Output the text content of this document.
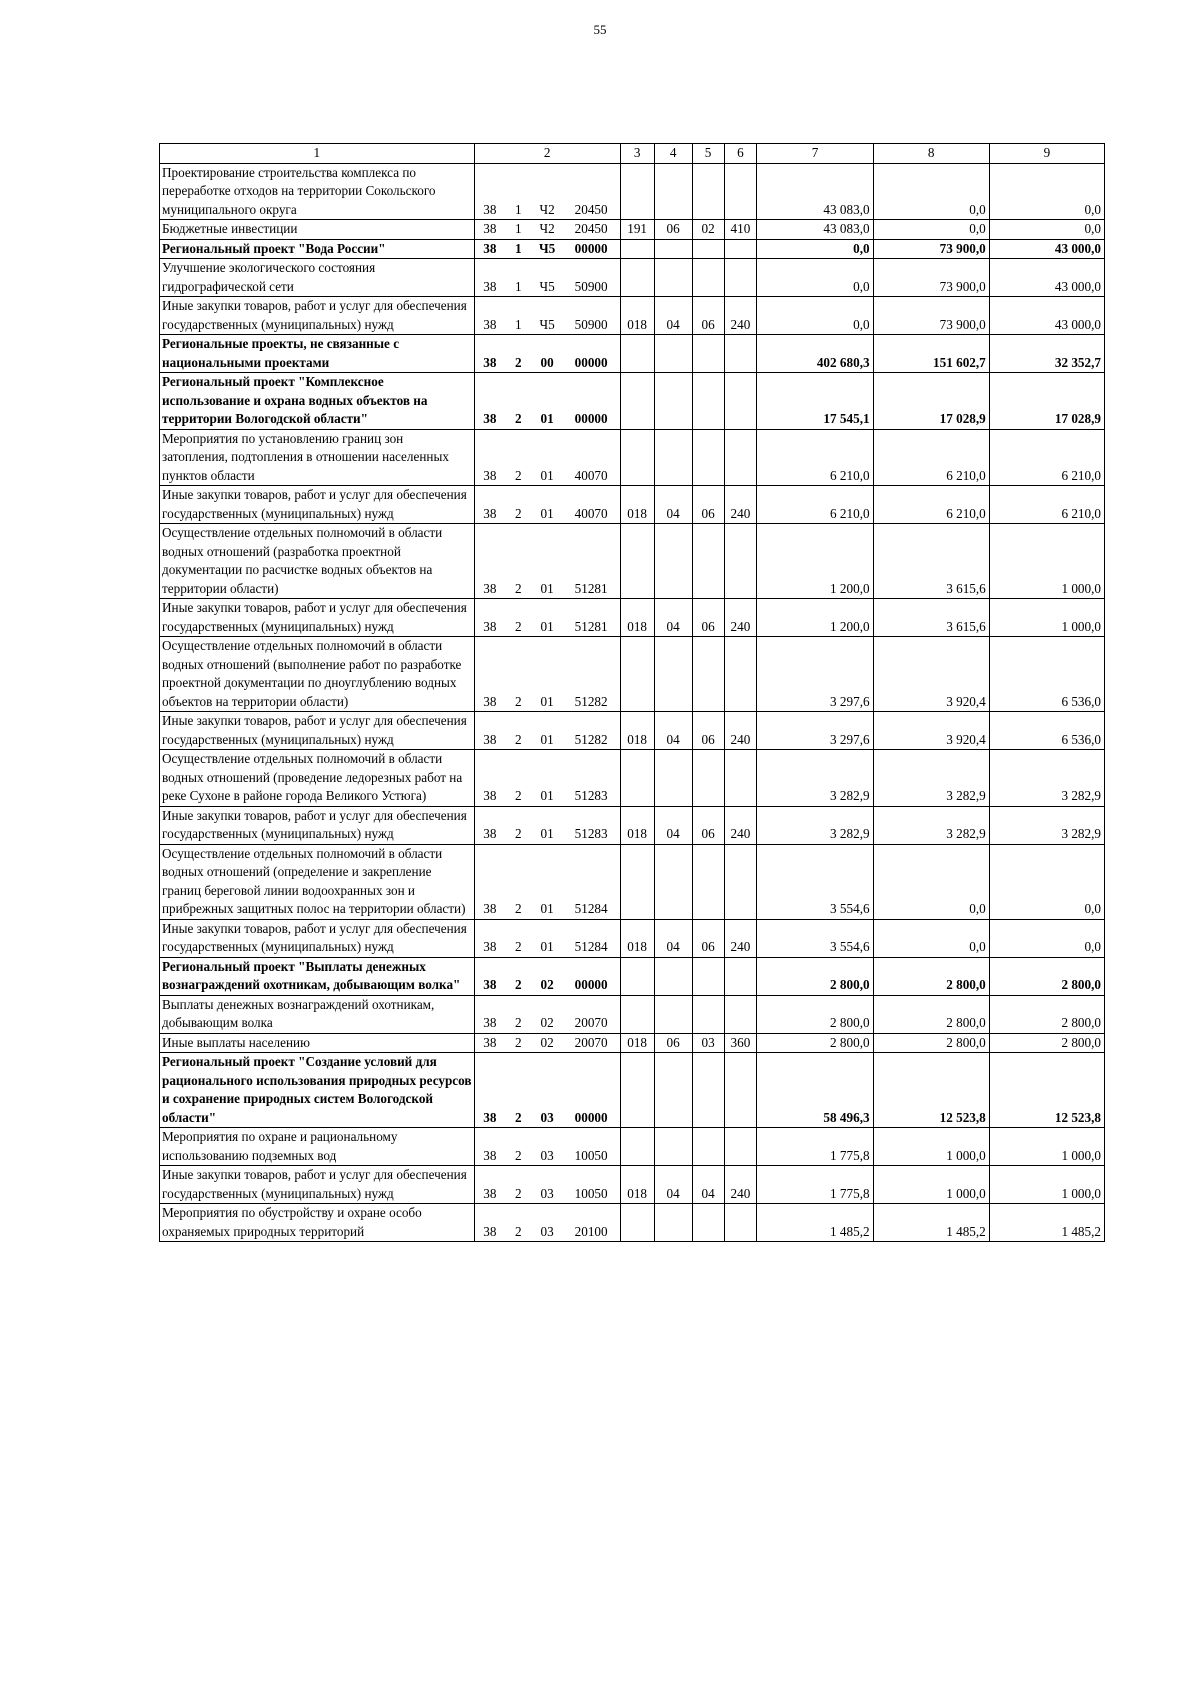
55
1	2				3	4	5	6	7	8	9
Проектирование строительства комплекса по переработке отходов на территории Сокольского муниципального округа	38	1	Ч2	20450					43 083,0	0,0	0,0
Бюджетные инвестиции	38	1	Ч2	20450	191	06	02	410	43 083,0	0,0	0,0
Региональный проект "Вода России"	38	1	Ч5	00000					0,0	73 900,0	43 000,0
Улучшение экологического состояния гидрографической сети	38	1	Ч5	50900					0,0	73 900,0	43 000,0
Иные закупки товаров, работ и услуг для обеспечения государственных (муниципальных) нужд	38	1	Ч5	50900	018	04	06	240	0,0	73 900,0	43 000,0
Региональные проекты, не связанные с национальными проектами	38	2	00	00000					402 680,3	151 602,7	32 352,7
Региональный проект "Комплексное использование и охрана водных объектов на территории Вологодской области"	38	2	01	00000					17 545,1	17 028,9	17 028,9
Мероприятия по установлению границ зон затопления, подтопления в отношении населенных пунктов области	38	2	01	40070					6 210,0	6 210,0	6 210,0
Иные закупки товаров, работ и услуг для обеспечения государственных (муниципальных) нужд	38	2	01	40070	018	04	06	240	6 210,0	6 210,0	6 210,0
Осуществление отдельных полномочий в области водных отношений (разработка проектной документации по расчистке водных объектов на территории области)	38	2	01	51281					1 200,0	3 615,6	1 000,0
Иные закупки товаров, работ и услуг для обеспечения государственных (муниципальных) нужд	38	2	01	51281	018	04	06	240	1 200,0	3 615,6	1 000,0
Осуществление отдельных полномочий в области водных отношений (выполнение работ по разработке проектной документации по дноуглублению водных объектов на территории области)	38	2	01	51282					3 297,6	3 920,4	6 536,0
Иные закупки товаров, работ и услуг для обеспечения государственных (муниципальных) нужд	38	2	01	51282	018	04	06	240	3 297,6	3 920,4	6 536,0
Осуществление отдельных полномочий в области водных отношений (проведение ледорезных работ на реке Сухоне в районе города Великого Устюга)	38	2	01	51283					3 282,9	3 282,9	3 282,9
Иные закупки товаров, работ и услуг для обеспечения государственных (муниципальных) нужд	38	2	01	51283	018	04	06	240	3 282,9	3 282,9	3 282,9
Осуществление отдельных полномочий в области водных отношений (определение и закрепление границ береговой линии водоохранных зон и прибрежных защитных полос на территории области)	38	2	01	51284					3 554,6	0,0	0,0
Иные закупки товаров, работ и услуг для обеспечения государственных (муниципальных) нужд	38	2	01	51284	018	04	06	240	3 554,6	0,0	0,0
Региональный проект "Выплаты денежных вознаграждений охотникам, добывающим волка"	38	2	02	00000					2 800,0	2 800,0	2 800,0
Выплаты денежных вознаграждений охотникам, добывающим волка	38	2	02	20070					2 800,0	2 800,0	2 800,0
Иные выплаты населению	38	2	02	20070	018	06	03	360	2 800,0	2 800,0	2 800,0
Региональный проект "Создание условий для рационального использования природных ресурсов и сохранение природных систем Вологодской области"	38	2	03	00000					58 496,3	12 523,8	12 523,8
Мероприятия по охране и рациональному использованию подземных вод	38	2	03	10050					1 775,8	1 000,0	1 000,0
Иные закупки товаров, работ и услуг для обеспечения государственных (муниципальных) нужд	38	2	03	10050	018	04	04	240	1 775,8	1 000,0	1 000,0
Мероприятия по обустройству и охране особо охраняемых природных территорий	38	2	03	20100					1 485,2	1 485,2	1 485,2
